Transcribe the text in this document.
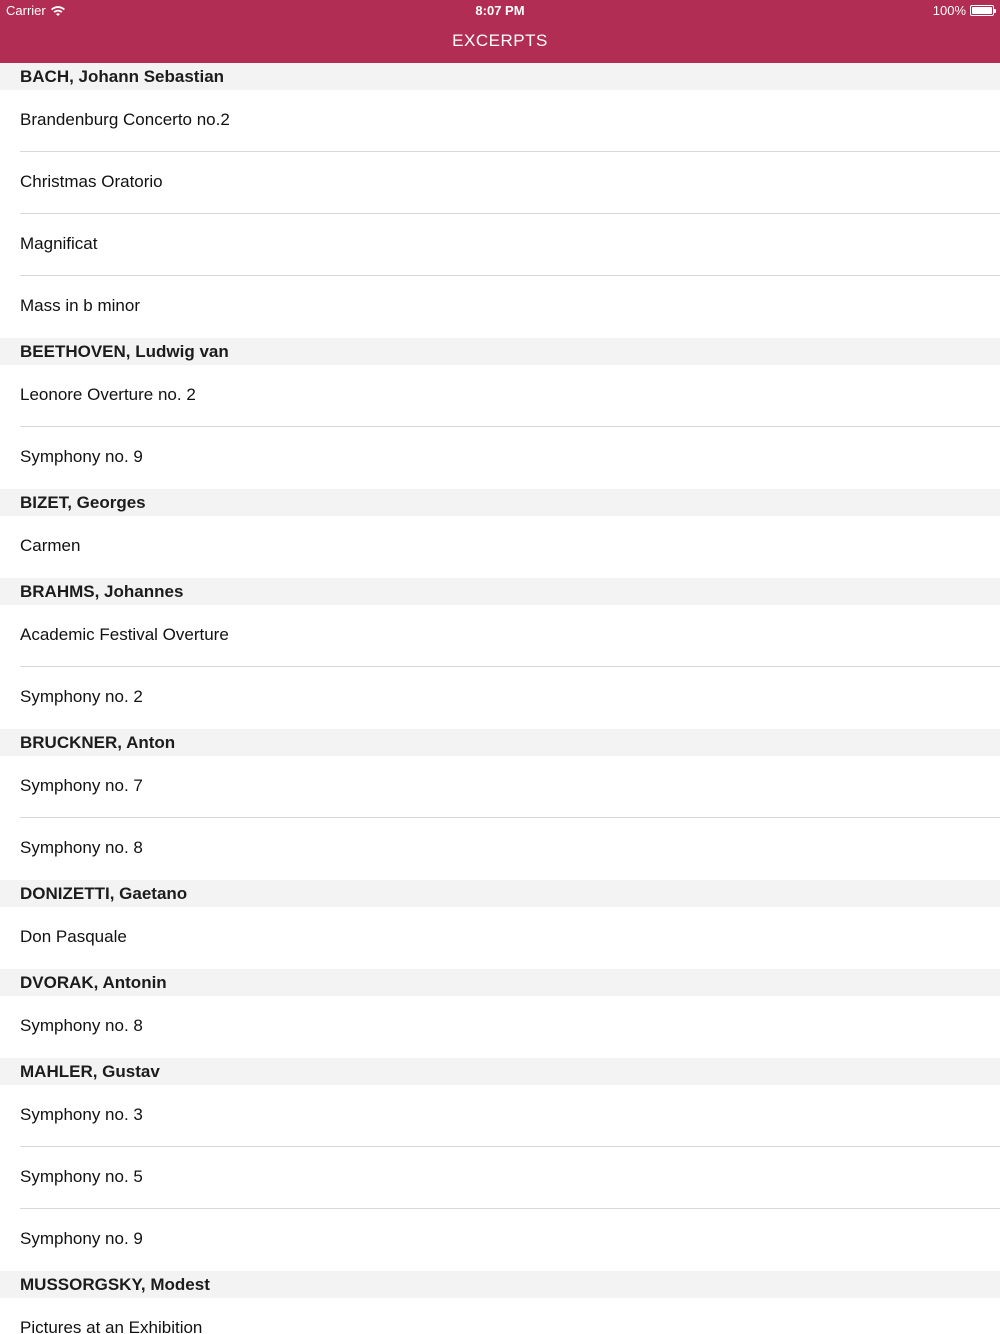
Carrier	8:07 PM	100%
EXCERPTS
BACH, Johann Sebastian
Brandenburg Concerto no.2
Christmas Oratorio
Magnificat
Mass in b minor
BEETHOVEN, Ludwig van
Leonore Overture no. 2
Symphony no. 9
BIZET, Georges
Carmen
BRAHMS, Johannes
Academic Festival Overture
Symphony no. 2
BRUCKNER, Anton
Symphony no. 7
Symphony no. 8
DONIZETTI, Gaetano
Don Pasquale
DVORAK, Antonin
Symphony no. 8
MAHLER, Gustav
Symphony no. 3
Symphony no. 5
Symphony no. 9
MUSSORGSKY, Modest
Pictures at an Exhibition
